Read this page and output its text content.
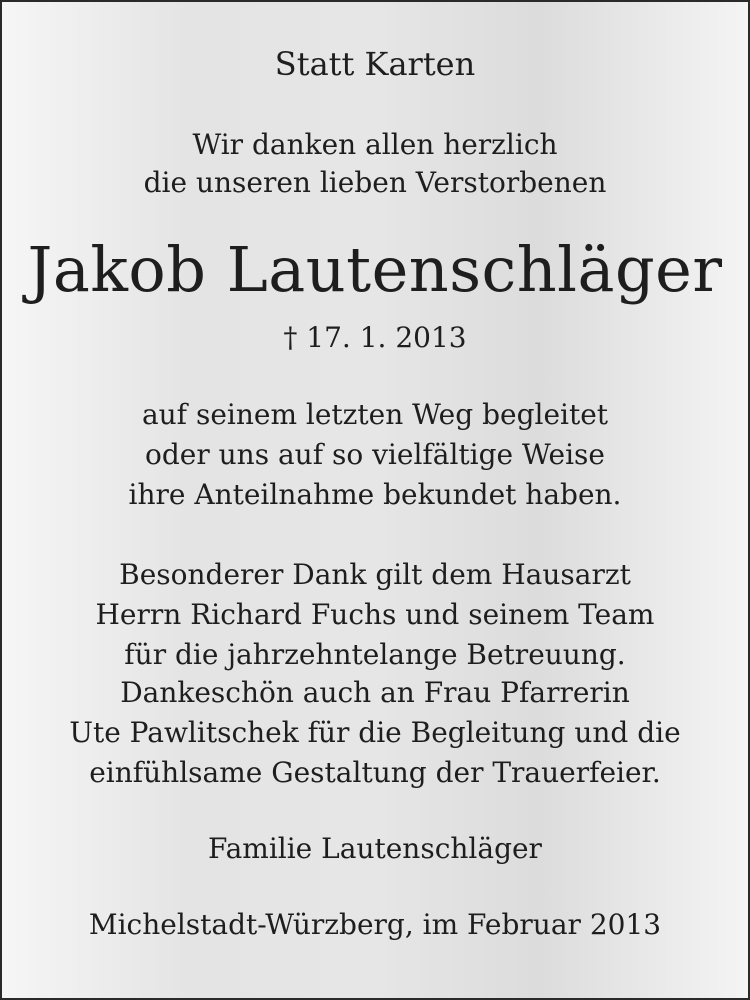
Statt Karten
Wir danken allen herzlich
die unseren lieben Verstorbenen
Jakob Lautenschläger
† 17. 1. 2013
auf seinem letzten Weg begleitet
oder uns auf so vielfältige Weise
ihre Anteilnahme bekundet haben.
Besonderer Dank gilt dem Hausarzt
Herrn Richard Fuchs und seinem Team
für die jahrzehntelange Betreuung.
Dankeschön auch an Frau Pfarrerin
Ute Pawlitschek für die Begleitung und die
einfühlsame Gestaltung der Trauerfeier.
Familie Lautenschläger
Michelstadt-Würzberg, im Februar 2013
